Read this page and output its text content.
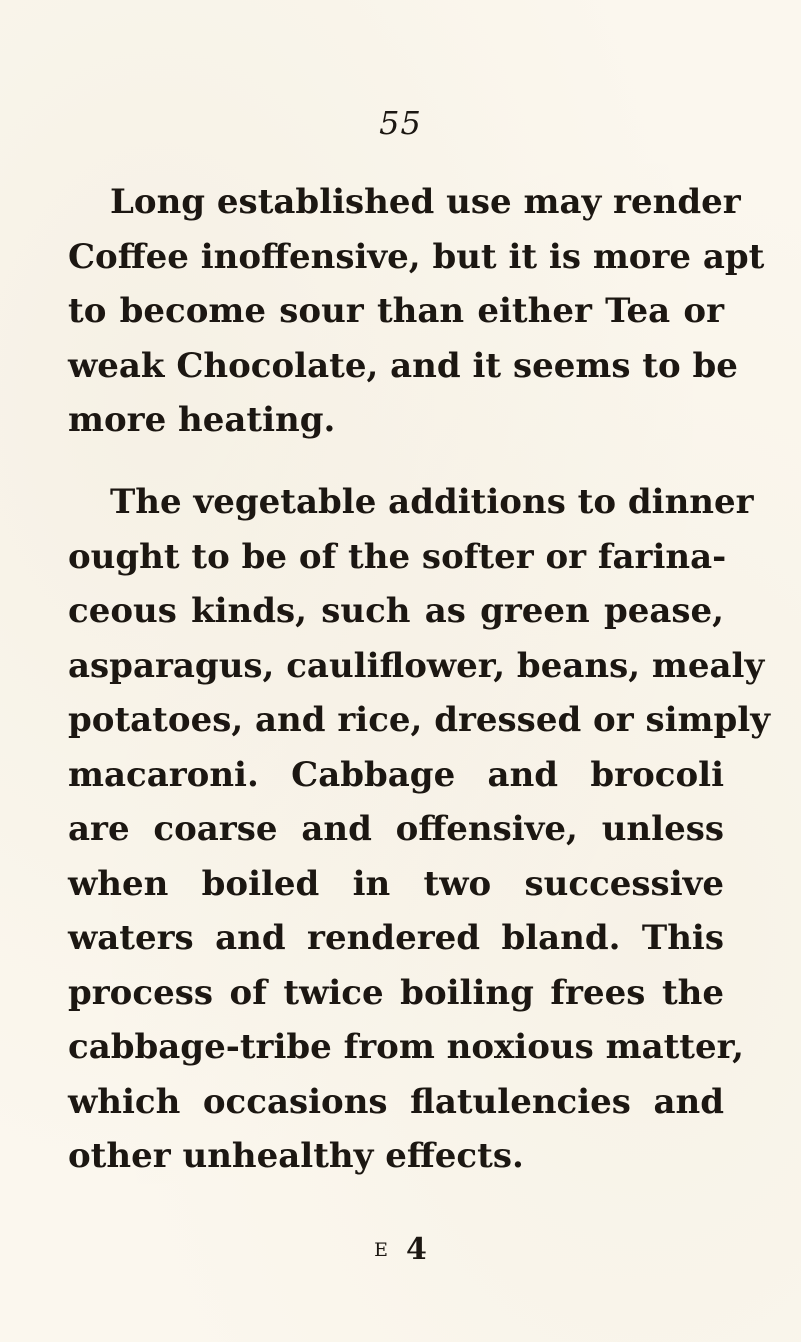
55
Long established use may render
Coffee inoffensive, but it is more apt
to become sour than either Tea or
weak Chocolate, and it seems to be
more heating.
The vegetable additions to dinner
ought to be of the softer or farina-
ceous kinds, such as green pease,
asparagus, cauliflower, beans, mealy
potatoes, and rice, dressed or simply
macaroni. Cabbage and brocoli
are coarse and offensive, unless
when boiled in two successive
waters and rendered bland. This
process of twice boiling frees the
cabbage-tribe from noxious matter,
which occasions flatulencies and
other unhealthy effects.
E 4
